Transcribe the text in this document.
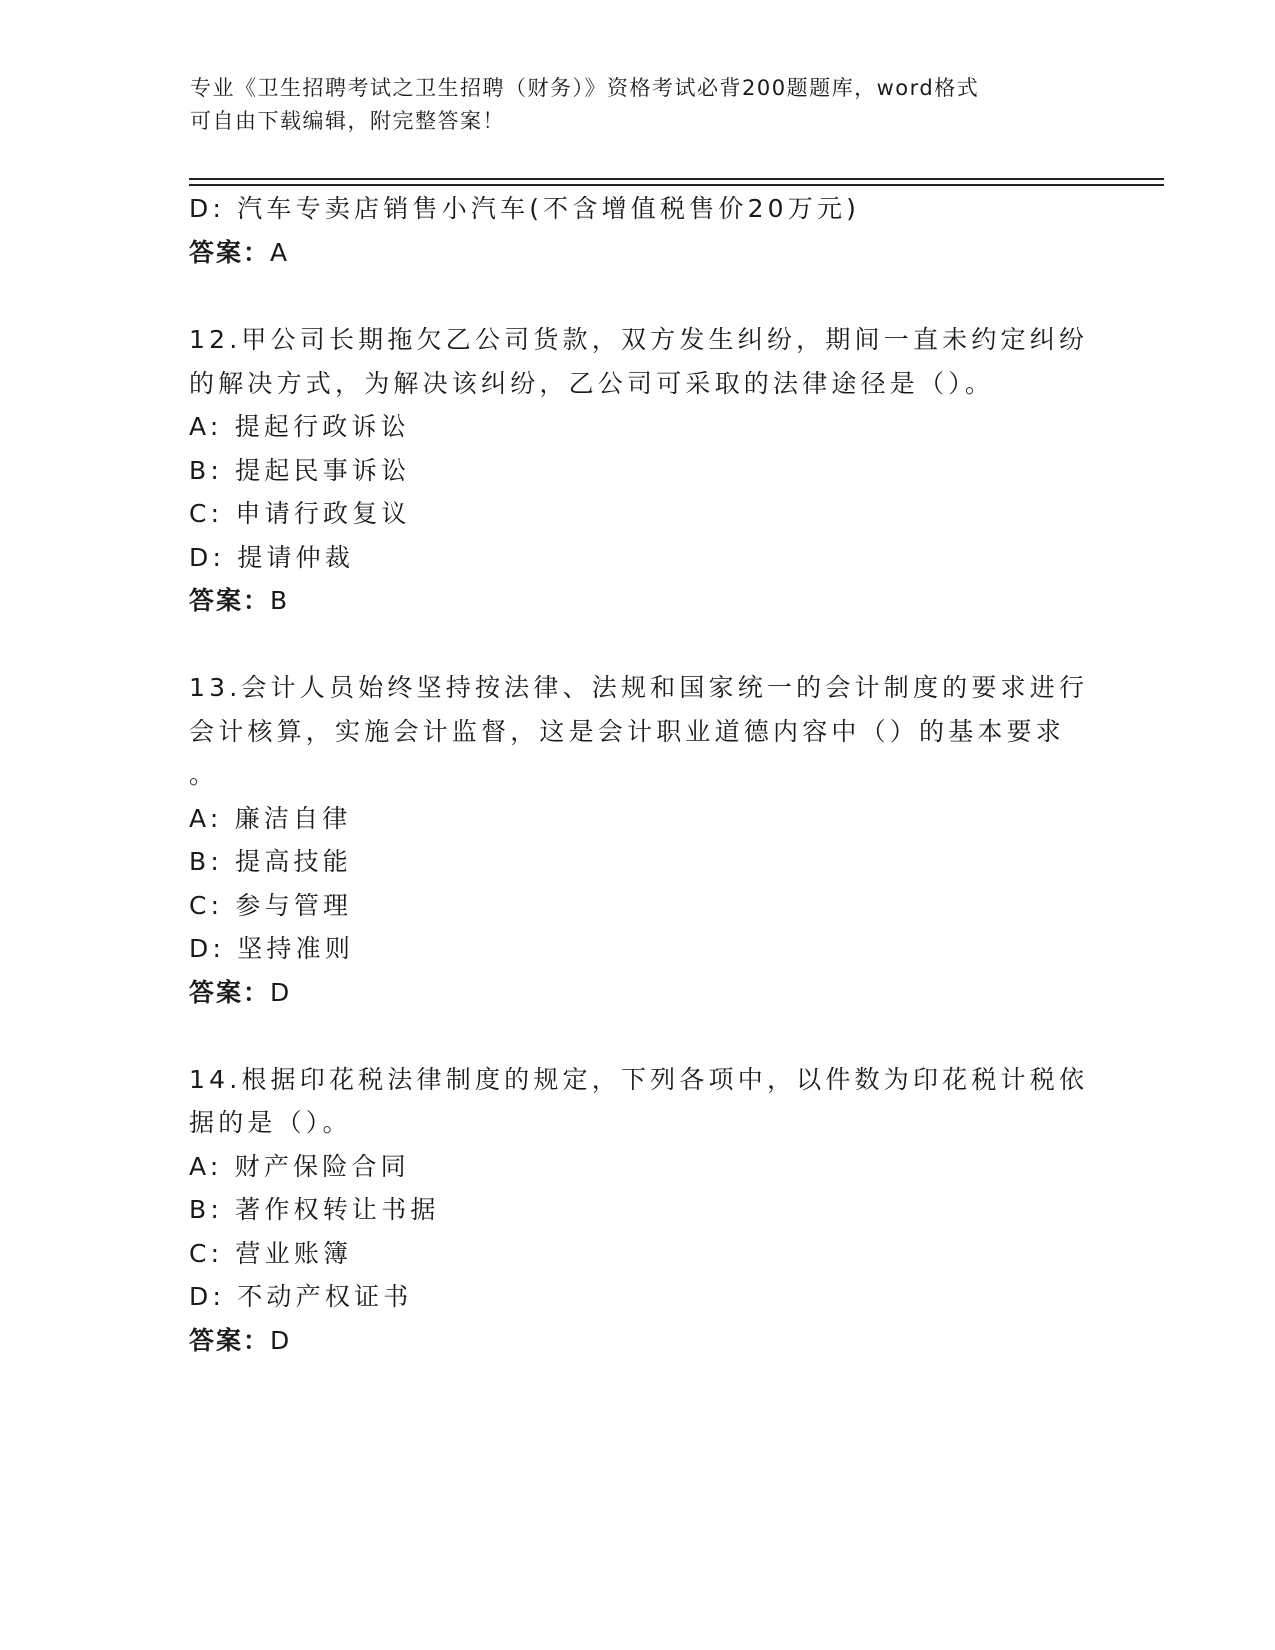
专业《卫生招聘考试之卫生招聘（财务）》资格考试必背200题题库，word格式
可自由下载编辑，附完整答案！
D: 汽车专卖店销售小汽车(不含增值税售价20万元)
答案：A
12.甲公司长期拖欠乙公司货款，双方发生纠纷，期间一直未约定纠纷
的解决方式，为解决该纠纷，乙公司可采取的法律途径是（）。
A: 提起行政诉讼
B: 提起民事诉讼
C: 申请行政复议
D: 提请仲裁
答案：B
13.会计人员始终坚持按法律、法规和国家统一的会计制度的要求进行
会计核算，实施会计监督，这是会计职业道德内容中（）的基本要求
。
A: 廉洁自律
B: 提高技能
C: 参与管理
D: 坚持准则
答案：D
14.根据印花税法律制度的规定，下列各项中，以件数为印花税计税依
据的是（）。
A: 财产保险合同
B: 著作权转让书据
C: 营业账簿
D: 不动产权证书
答案：D
